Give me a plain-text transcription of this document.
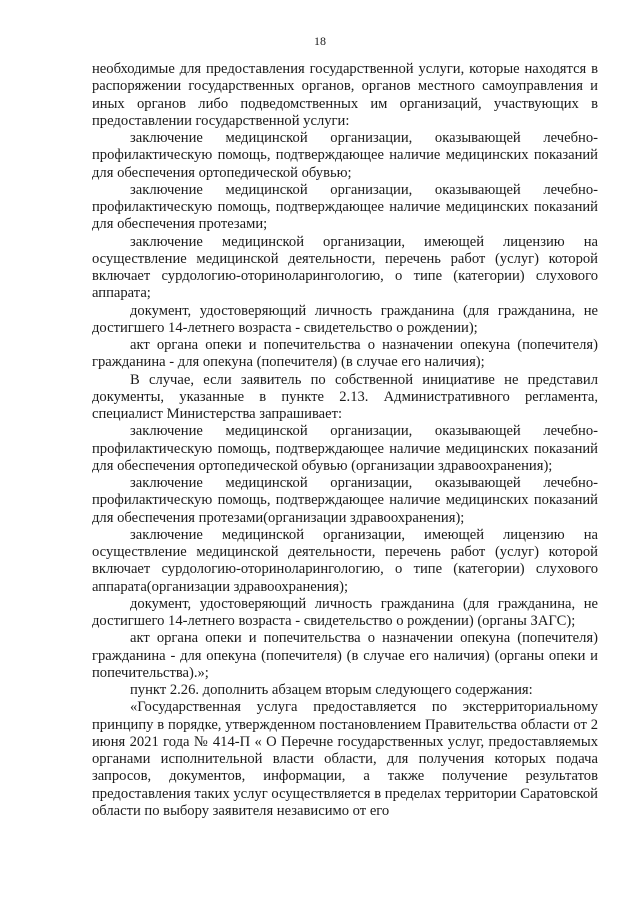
18

необходимые для предоставления государственной услуги, которые находятся в распоряжении государственных органов, органов местного самоуправления и иных органов либо подведомственных им организаций, участвующих в предоставлении государственной услуги:

заключение медицинской организации, оказывающей лечебно-профилактическую помощь, подтверждающее наличие медицинских показаний для обеспечения ортопедической обувью;

заключение медицинской организации, оказывающей лечебно-профилактическую помощь, подтверждающее наличие медицинских показаний для обеспечения протезами;

заключение медицинской организации, имеющей лицензию на осуществление медицинской деятельности, перечень работ (услуг) которой включает сурдологию-оториноларингологию, о типе (категории) слухового аппарата;

документ, удостоверяющий личность гражданина (для гражданина, не достигшего 14-летнего возраста - свидетельство о рождении);

акт органа опеки и попечительства о назначении опекуна (попечителя) гражданина - для опекуна (попечителя) (в случае его наличия);

В случае, если заявитель по собственной инициативе не представил документы, указанные в пункте 2.13. Административного регламента, специалист Министерства запрашивает:

заключение медицинской организации, оказывающей лечебно-профилактическую помощь, подтверждающее наличие медицинских показаний для обеспечения ортопедической обувью (организации здравоохранения);

заключение медицинской организации, оказывающей лечебно-профилактическую помощь, подтверждающее наличие медицинских показаний для обеспечения протезами(организации здравоохранения);

заключение медицинской организации, имеющей лицензию на осуществление медицинской деятельности, перечень работ (услуг) которой включает сурдологию-оториноларингологию, о типе (категории) слухового аппарата(организации здравоохранения);

документ, удостоверяющий личность гражданина (для гражданина, не достигшего 14-летнего возраста - свидетельство о рождении) (органы ЗАГС);

акт органа опеки и попечительства о назначении опекуна (попечителя) гражданина - для опекуна (попечителя) (в случае его наличия) (органы опеки и попечительства).»;

пункт 2.26. дополнить абзацем вторым следующего содержания:

«Государственная услуга предоставляется по экстерриториальному принципу в порядке, утвержденном постановлением Правительства области от 2 июня 2021 года № 414-П « О Перечне государственных услуг, предоставляемых органами исполнительной власти области, для получения которых подача запросов, документов, информации, а также получение результатов предоставления таких услуг осуществляется в пределах территории Саратовской области по выбору заявителя независимо от его
